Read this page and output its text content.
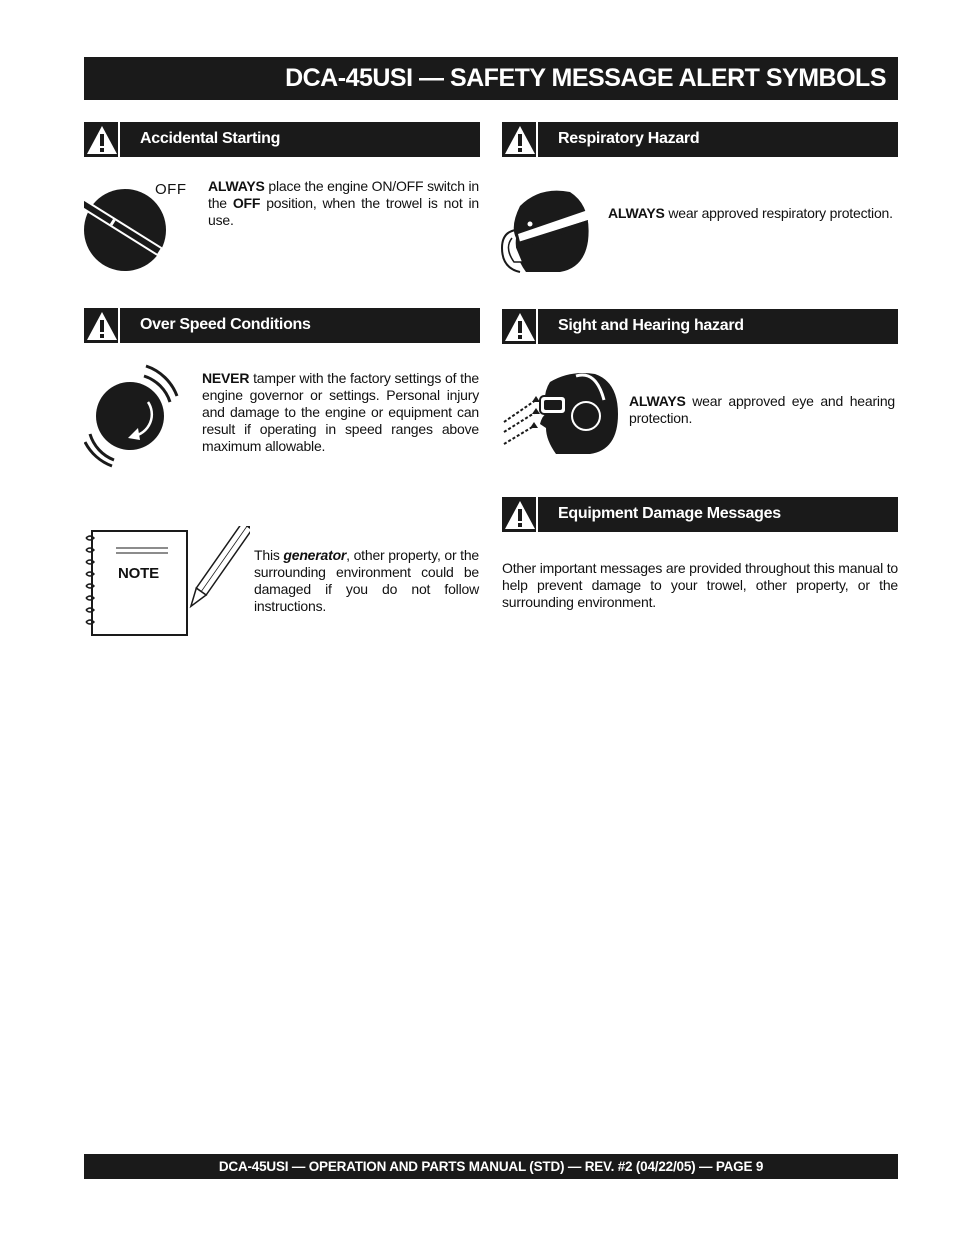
DCA-45USI — SAFETY MESSAGE ALERT SYMBOLS
Accidental Starting
OFF ALWAYS place the engine ON/OFF switch in the OFF position, when the trowel is not in use.
Over Speed Conditions
NEVER tamper with the factory settings of the engine governor or settings. Personal injury and damage to the engine or equipment can result if operating in speed ranges above maximum allowable.
NOTE
This generator, other property, or the surrounding environment could be damaged if you do not follow instructions.
Respiratory Hazard
ALWAYS wear approved respiratory protection.
Sight and Hearing hazard
ALWAYS wear approved eye and hearing protection.
Equipment Damage Messages
Other important messages are provided throughout this manual to help prevent damage to your trowel, other property, or the surrounding environment.
DCA-45USI — OPERATION AND PARTS MANUAL (STD) — REV. #2 (04/22/05) — PAGE 9
